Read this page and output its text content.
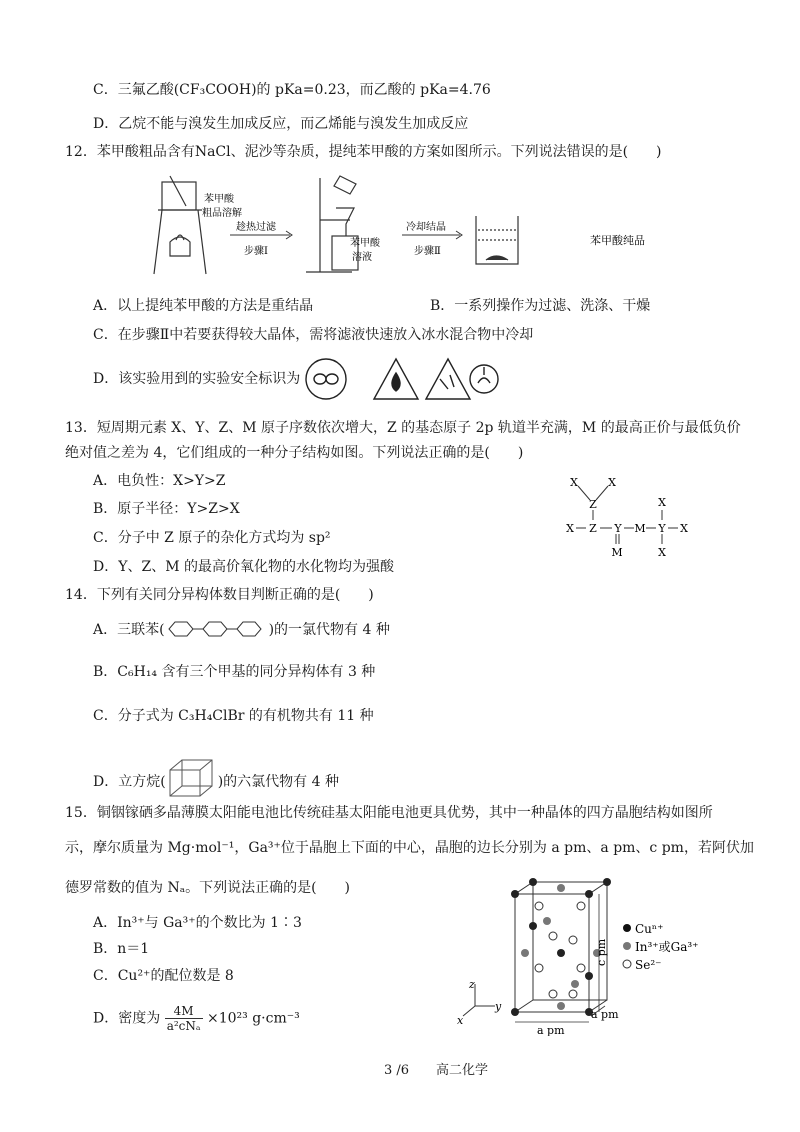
C．三氟乙酸(CF₃COOH)的 pKa=0.23，而乙酸的 pKa=4.76
D．乙烷不能与溴发生加成反应，而乙烯能与溴发生加成反应
12．苯甲酸粗品含有NaCl、泥沙等杂质，提纯苯甲酸的方案如图所示。下列说法错误的是(　　)
苯甲酸
粗品溶解
趁热过滤
步骤Ⅰ
苯甲酸
溶液
冷却结晶
步骤Ⅱ
苯甲酸纯品
A．以上提纯苯甲酸的方法是重结晶	B．一系列操作为过滤、洗涤、干燥
C．在步骤Ⅱ中若要获得较大晶体，需将滤液快速放入冰水混合物中冷却
D．该实验用到的实验安全标识为
13．短周期元素 X、Y、Z、M 原子序数依次增大，Z 的基态原子 2p 轨道半充满，M 的最高正价与最低负价
绝对值之差为 4，它们组成的一种分子结构如图。下列说法正确的是(　　)
A．电负性：X>Y>Z
B．原子半径：Y>Z>X
C．分子中 Z 原子的杂化方式均为 sp²
D．Y、Z、M 的最高价氧化物的水化物均为强酸
X	X
Z
X Z Y M Y X
M
X
X
14．下列有关同分异构体数目判断正确的是(　　)
A．三联苯(	)的一氯代物有 4 种
B．C₆H₁₄ 含有三个甲基的同分异构体有 3 种
C．分子式为 C₃H₄ClBr 的有机物共有 11 种
D．立方烷(	)的六氯代物有 4 种
15．铜铟镓硒多晶薄膜太阳能电池比传统硅基太阳能电池更具优势，其中一种晶体的四方晶胞结构如图所
示，摩尔质量为 Mg·mol⁻¹，Ga³⁺位于晶胞上下面的中心，晶胞的边长分别为 a pm、a pm、c pm，若阿伏加
德罗常数的值为 Nₐ。下列说法正确的是(　　)
A．In³⁺与 Ga³⁺的个数比为 1∶3
B．n＝1
C．Cu²⁺的配位数是 8
D．密度为	4M
a²cNₐ ×10²³ g·cm⁻³
c pm
a pm
a pm
z
y
x
Cuⁿ⁺
In³⁺或Ga³⁺
Se²⁻
3 /6 高二化学
